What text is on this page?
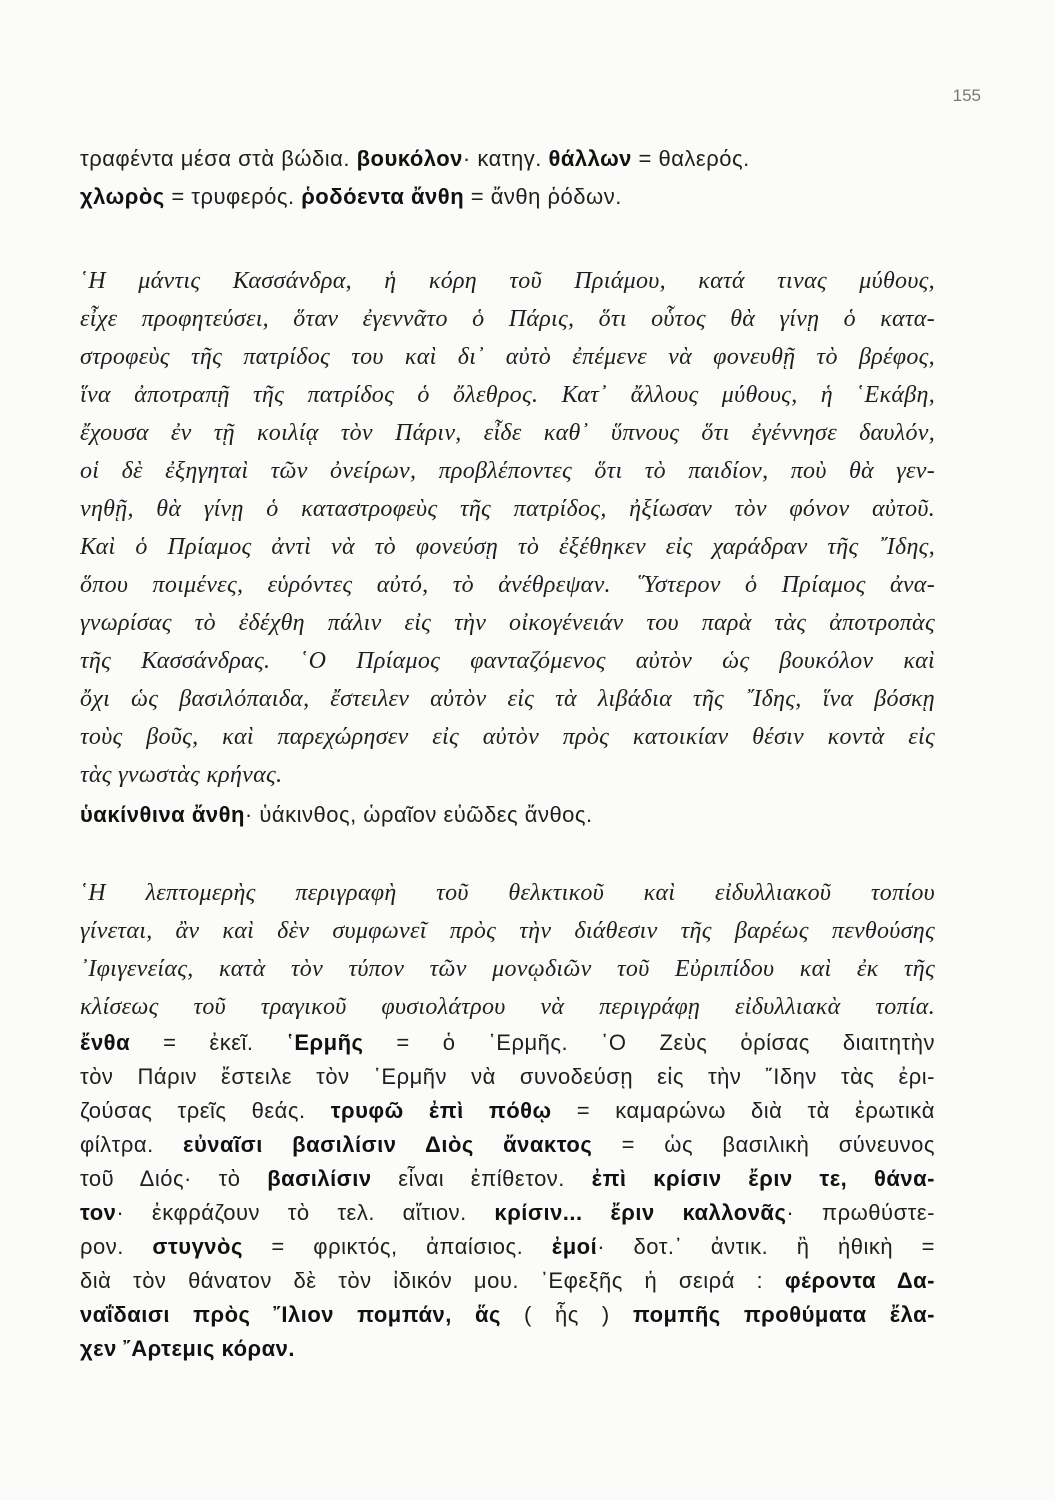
155
τραφέντα μέσα στὰ βώδια. βουκόλον· κατηγ. θάλλων = θαλερός.
χλωρὸς = τρυφερός. ῥοδόεντα ἄνθη = ἄνθη ῥόδων.
῾Η μάντις Κασσάνδρα, ἡ κόρη τοῦ Πριάμου, κατά τινας μύθους,
εἶχε προφητεύσει, ὅταν ἐγεννᾶτο ὁ Πάρις, ὅτι οὗτος θὰ γίνῃ ὁ κατα-
στροφεὺς τῆς πατρίδος του καὶ δι᾿ αὐτὸ ἐπέμενε νὰ φονευθῇ τὸ βρέφος,
ἵνα ἀποτραπῇ τῆς πατρίδος ὁ ὄλεθρος. Κατ᾿ ἄλλους μύθους, ἡ ῾Εκάβη,
ἔχουσα ἐν τῇ κοιλίᾳ τὸν Πάριν, εἶδε καθ᾿ ὕπνους ὅτι ἐγέννησε δαυλόν,
οἱ δὲ ἐξηγηταὶ τῶν ὀνείρων, προβλέποντες ὅτι τὸ παιδίον, ποὺ θὰ γεν-
νηθῇ, θὰ γίνῃ ὁ καταστροφεὺς τῆς πατρίδος, ἠξίωσαν τὸν φόνον αὐτοῦ.
Καὶ ὁ Πρίαμος ἀντὶ νὰ τὸ φονεύσῃ τὸ ἐξέθηκεν εἰς χαράδραν τῆς ῎Ιδης,
ὅπου ποιμένες, εὑρόντες αὐτό, τὸ ἀνέθρεψαν. ῞Υστερον ὁ Πρίαμος ἀνα-
γνωρίσας τὸ ἐδέχθη πάλιν εἰς τὴν οἰκογένειάν του παρὰ τὰς ἀποτροπὰς
τῆς Κασσάνδρας. ῾Ο Πρίαμος φανταζόμενος αὐτὸν ὡς βουκόλον καὶ
ὄχι ὡς βασιλόπαιδα, ἔστειλεν αὐτὸν εἰς τὰ λιβάδια τῆς ῎Ιδης, ἵνα βόσκῃ
τοὺς βοῦς, καὶ παρεχώρησεν εἰς αὐτὸν πρὸς κατοικίαν θέσιν κοντὰ εἰς
τὰς γνωστὰς κρήνας.
ὑακίνθινα ἄνθη· ὑάκινθος, ὡραῖον εὐῶδες ἄνθος.
῾Η λεπτομερὴς περιγραφὴ τοῦ θελκτικοῦ καὶ εἰδυλλιακοῦ τοπίου
γίνεται, ἂν καὶ δὲν συμφωνεῖ πρὸς τὴν διάθεσιν τῆς βαρέως πενθούσης
᾿Ιφιγενείας, κατὰ τὸν τύπον τῶν μονῳδιῶν τοῦ Εὐριπίδου καὶ ἐκ τῆς
κλίσεως τοῦ τραγικοῦ φυσιολάτρου νὰ περιγράφῃ εἰδυλλιακὰ τοπία.
ἔνθα = ἐκεῖ. ῾Ερμῆς = ὁ ῾Ερμῆς. ῾Ο Ζεὺς ὁρίσας διαιτητὴν
τὸν Πάριν ἔστειλε τὸν ῾Ερμῆν νὰ συνοδεύσῃ εἰς τὴν ῎Ιδην τὰς ἐρι-
ζούσας τρεῖς θεάς. τρυφῶ ἐπὶ πόθῳ = καμαρώνω διὰ τὰ ἐρωτικὰ
φίλτρα. εὐναῖσι βασιλίσιν Διὸς ἄνακτος = ὡς βασιλικὴ σύνευνος
τοῦ Διός· τὸ βασιλίσιν εἶναι ἐπίθετον. ἐπὶ κρίσιν ἔριν τε, θάνα-
τον· ἐκφράζουν τὸ τελ. αἴτιον. κρίσιν... ἔριν καλλονᾶς· πρωθύστε-
ρον. στυγνὸς = φρικτός, ἀπαίσιος. ἐμοί· δοτ.᾿ ἀντικ. ἢ ἠθικὴ =
διὰ τὸν θάνατον δὲ τὸν ἰδικόν μου. ᾿Εφεξῆς ἡ σειρά : φέροντα Δα-
ναΐδαισι πρὸς ῎Ιλιον πομπάν, ἅς ( ἧς ) πομπῆς προθύματα ἔλα-
χεν ῎Αρτεμις κόραν.
